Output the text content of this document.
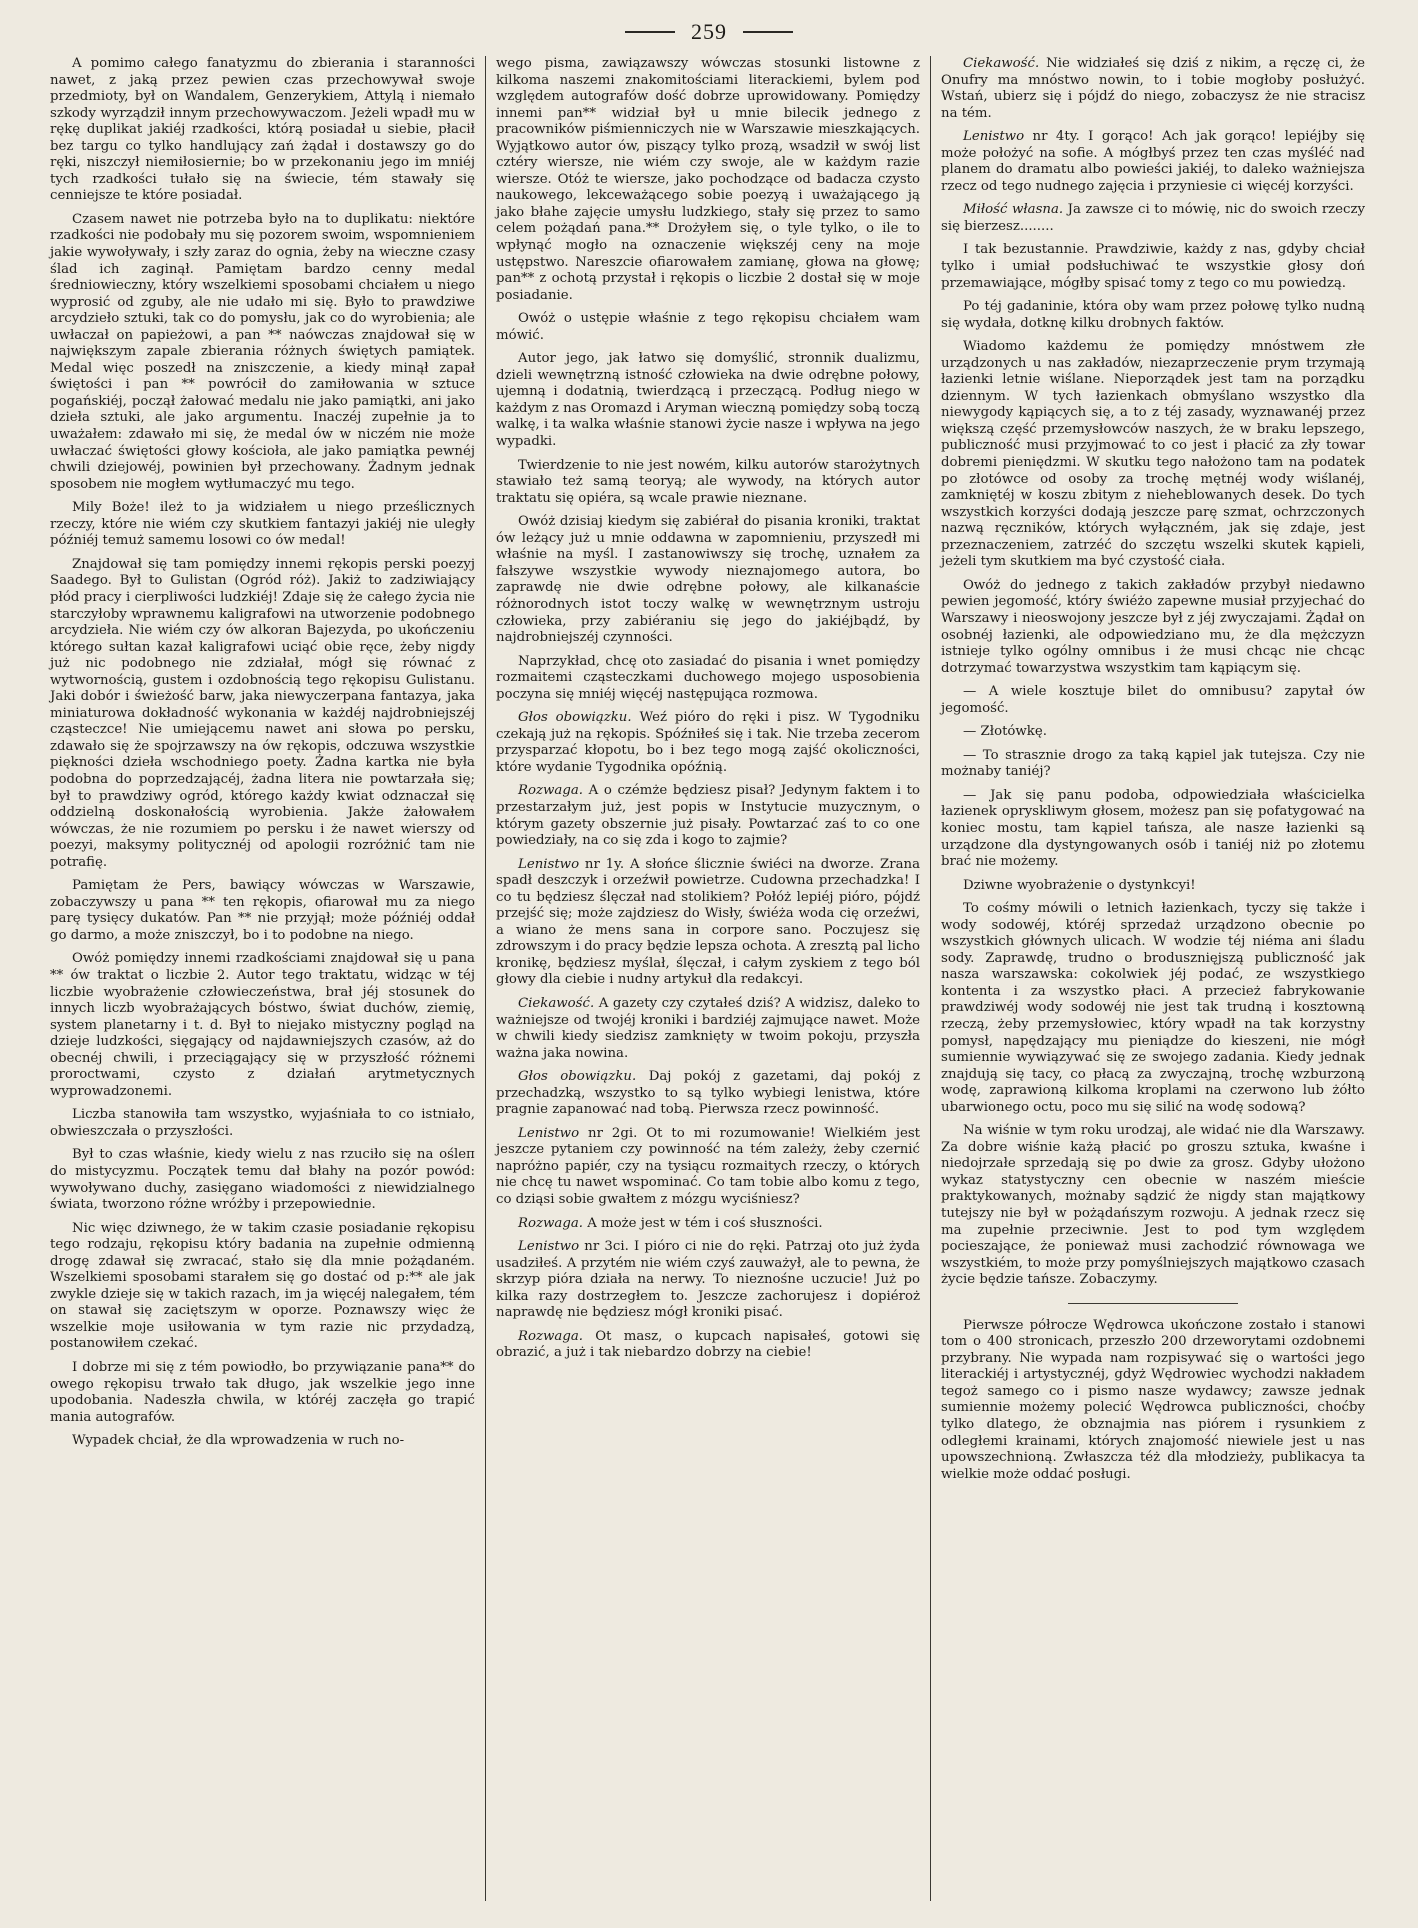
259

A pomimo całego fanatyzmu do zbierania i staranności nawet, z jaką przez pewien czas przechowywał swoje przedmioty, był on Wandalem, Genzerykiem, Attylą i niemało szkody wyrządził innym przechowywaczom. Jeżeli wpadł mu w rękę duplikat jakiéj rzadkości, którą posiadał u siebie, płacił bez targu co tylko handlujący zań żądał i dostawszy go do ręki, niszczył niemiłosiernie; bo w przekonaniu jego im mniéj tych rzadkości tułało się na świecie, tém stawały się cenniejsze te które posiadał.

Czasem nawet nie potrzeba było na to duplikatu: niektóre rzadkości nie podobały mu się pozorem swoim, wspomnieniem jakie wywoływały, i szły zaraz do ognia, żeby na wieczne czasy ślad ich zaginął. Pamiętam bardzo cenny medal średniowieczny, który wszelkiemi sposobami chciałem u niego wyprosić od zguby, ale nie udało mi się. Było to prawdziwe arcydzieło sztuki, tak co do pomysłu, jak co do wyrobienia; ale uwłaczał on papieżowi, a pan ** naówczas znajdował się w największym zapale zbierania różnych świętych pamiątek. Medal więc poszedł na zniszczenie, a kiedy minął zapał świętości i pan ** powrócił do zamiłowania w sztuce pogańskiéj, począł żałować medalu nie jako pamiątki, ani jako dzieła sztuki, ale jako argumentu. Inaczéj zupełnie ja to uważałem: zdawało mi się, że medal ów w niczém nie może uwłaczać świętości głowy kościoła, ale jako pamiątka pewnéj chwili dziejowéj, powinien był przechowany. Żadnym jednak sposobem nie mogłem wytłumaczyć mu tego.

Mily Boże! ileż to ja widziałem u niego prześlicznych rzeczy, które nie wiém czy skutkiem fantazyi jakiéj nie uległy późniéj temuż samemu losowi co ów medal!

Znajdował się tam pomiędzy innemi rękopis perski poezyj Saadego. Był to Gulistan (Ogród róż). Jakiż to zadziwiający płód pracy i cierpliwości ludzkiéj! Zdaje się że całego życia nie starczyłoby wprawnemu kaligrafowi na utworzenie podobnego arcydzieła. Nie wiém czy ów alkoran Bajezyda, po ukończeniu którego sułtan kazał kaligrafowi uciąć obie ręce, żeby nigdy już nic podobnego nie zdziałał, mógł się równać z wytwornością, gustem i ozdobnością tego rękopisu Gulistanu. Jaki dobór i świeżość barw, jaka niewyczerpana fantazya, jaka miniaturowa dokładność wykonania w każdéj najdrobniejszéj cząsteczce! Nie umiejącemu nawet ani słowa po persku, zdawało się że spojrzawszy na ów rękopis, odczuwa wszystkie piękności dzieła wschodniego poety. Żadna kartka nie była podobna do poprzedzającéj, żadna litera nie powtarzała się; był to prawdziwy ogród, którego każdy kwiat odznaczał się oddzielną doskonałością wyrobienia. Jakże żałowałem wówczas, że nie rozumiem po persku i że nawet wierszy od poezyi, maksymy politycznéj od apologii rozróżnić tam nie potrafię.

Pamiętam że Pers, bawiący wówczas w Warszawie, zobaczywszy u pana ** ten rękopis, ofiarował mu za niego parę tysięcy dukatów. Pan ** nie przyjął; może późniéj oddał go darmo, a może zniszczył, bo i to podobne na niego.

Owóż pomiędzy innemi rzadkościami znajdował się u pana ** ów traktat o liczbie 2. Autor tego traktatu, widząc w téj liczbie wyobrażenie człowieczeństwa, brał jéj stosunek do innych liczb wyobrażających bóstwo, świat duchów, ziemię, system planetarny i t. d. Był to niejako mistyczny pogląd na dzieje ludzkości, sięgający od najdawniejszych czasów, aż do obecnéj chwili, i przeciągający się w przyszłość różnemi proroctwami, czysto z działań arytmetycznych wyprowadzonemi.

Liczba stanowiła tam wszystko, wyjaśniała to co istniało, obwieszczała o przyszłości.

Był to czas właśnie, kiedy wielu z nas rzuciło się na ośleп do mistycyzmu. Początek temu dał błahy na pozór powód: wywoływano duchy, zasięgano wiadomości z niewidzialnego świata, tworzono różne wróżby i przepowiednie.

Nic więc dziwnego, że w takim czasie posiadanie rękopisu tego rodzaju, rękopisu który badania na zupełnie odmienną drogę zdawał się zwracać, stało się dla mnie pożądaném. Wszelkiemi sposobami starałem się go dostać od p:** ale jak zwykle dzieje się w takich razach, im ja więcéj nalegałem, tém on stawał się zaciętszym w oporze. Poznawszy więc że wszelkie moje usiłowania w tym razie nic przydadzą, postanowiłem czekać.

I dobrze mi się z tém powiodło, bo przywiązanie pana** do owego rękopisu trwało tak długo, jak wszelkie jego inne upodobania. Nadeszła chwila, w któréj zaczęła go trapić mania autografów.

Wypadek chciał, że dla wprowadzenia w ruch no-

wego pisma, zawiązawszy wówczas stosunki listowne z kilkoma naszemi znakomitościami literackiemi, bylem pod względem autografów dość dobrze uprowidowany. Pomiędzy innemi pan** widział był u mnie bilecik jednego z pracowników piśmienniczych nie w Warszawie mieszkających. Wyjątkowo autor ów, piszący tylko prozą, wsadził w swój list cztéry wiersze, nie wiém czy swoje, ale w każdym razie wiersze. Otóż te wiersze, jako pochodzące od badacza czysto naukowego, lekceważącego sobie poezyą i uważającego ją jako błahe zajęcie umysłu ludzkiego, stały się przez to samo celem pożądań pana.** Drożyłem się, o tyle tylko, o ile to wpłynąć mogło na oznaczenie większéj ceny na moje ustępstwo. Nareszcie ofiarowałem zamianę, głowa na głowę; pan** z ochotą przystał i rękopis o liczbie 2 dostał się w moje posiadanie.

Owóż o ustępie właśnie z tego rękopisu chciałem wam mówić.

Autor jego, jak łatwo się domyślić, stronnik dualizmu, dzieli wewnętrzną istność człowieka na dwie odrębne połowy, ujemną i dodatnią, twierdzącą i przeczącą. Podług niego w każdym z nas Oromazd i Aryman wieczną pomiędzy sobą toczą walkę, i ta walka właśnie stanowi życie nasze i wpływa na jego wypadki.

Twierdzenie to nie jest nowém, kilku autorów starożytnych stawiało też samą teoryą; ale wywody, na których autor traktatu się opiéra, są wcale prawie nieznane.

Owóż dzisiaj kiedym się zabiérał do pisania kroniki, traktat ów leżący już u mnie oddawna w zapomnieniu, przyszedł mi właśnie na myśl. I zastanowiwszy się trochę, uznałem za fałszywe wszystkie wywody nieznajomego autora, bo zaprawdę nie dwie odrębne połowy, ale kilkanaście różnorodnych istot toczy walkę w wewnętrznym ustroju człowieka, przy zabiéraniu się jego do jakiéjbądź, by najdrobniejszéj czynności.

Naprzykład, chcę oto zasiadać do pisania i wnet pomiędzy rozmaitemi cząsteczkami duchowego mojego usposobienia poczyna się mniéj więcéj następująca rozmowa.

Głos obowiązku. Weź pióro do ręki i pisz. W Tygodniku czekają już na rękopis. Spóźniłeś się i tak. Nie trzeba zecerom przysparzać kłopotu, bo i bez tego mogą zajść okoliczności, które wydanie Tygodnika opóźnią.

Rozwaga. A o czémże będziesz pisał? Jedynym faktem i to przestarzałym już, jest popis w Instytucie muzycznym, o którym gazety obszernie już pisały. Powtarzać zaś to co one powiedziały, na co się zda i kogo to zajmie?

Lenistwo nr 1y. A słońce ślicznie świéci na dworze. Zrana spadł deszczyk i orzeźwił powietrze. Cudowna przechadzka! I co tu będziesz ślęczał nad stolikiem? Połóż lepiéj pióro, pójdź przejść się; może zajdziesz do Wisły, świéża woda cię orzeźwi, a wiano że mens sana in corpore sano. Poczujesz się zdrowszym i do pracy będzie lepsza ochota. A zresztą pal licho kronikę, będziesz myślał, ślęczał, i całym zyskiem z tego ból głowy dla ciebie i nudny artykuł dla redakcyi.

Ciekawość. A gazety czy czytałeś dziś? A widzisz, daleko to ważniejsze od twojéj kroniki i bardziéj zajmujące nawet. Może w chwili kiedy siedzisz zamknięty w twoim pokoju, przyszła ważna jaka nowina.

Głos obowiązku. Daj pokój z gazetami, daj pokój z przechadzką, wszystko to są tylko wybiegi lenistwa, które pragnie zapanować nad tobą. Pierwsza rzecz powinność.

Lenistwo nr 2gi. Ot to mi rozumowanie! Wielkiém jest jeszcze pytaniem czy powinność na tém zależy, żeby czernić napróżno papiér, czy na tysiącu rozmaitych rzeczy, o których nie chcę tu nawet wspominać. Co tam tobie albo komu z tego, co dziąsi sobie gwałtem z mózgu wyciśniesz?

Rozwaga. A może jest w tém i coś słuszności.

Lenistwo nr 3ci. I pióro ci nie do ręki. Patrzaj oto już żyda usadziłeś. A przytém nie wiém czyś zauważył, ale to pewna, że skrzyp pióra działa na nerwy. To nieznośne uczucie! Już po kilka razy dostrzegłem to. Jeszcze zachorujesz i dopiéroż naprawdę nie będziesz mógł kroniki pisać.

Rozwaga. Ot masz, o kupcach napisałeś, gotowi się obrazić, a już i tak niebardzo dobrzy na ciebie!

Ciekawość. Nie widziałeś się dziś z nikim, a ręczę ci, że Onufry ma mnóstwo nowin, to i tobie mogłoby posłużyć. Wstań, ubierz się i pójdź do niego, zobaczysz że nie stracisz na tém.

Lenistwo nr 4ty. I gorąco! Ach jak gorąco! lepiéjby się może położyć na sofie. A mógłbyś przez ten czas myśléć nad planem do dramatu albo powieści jakiéj, to daleko ważniejsza rzecz od tego nudnego zajęcia i przyniesie ci więcéj korzyści.

Miłość własna. Ja zawsze ci to mówię, nic do swoich rzeczy się bierzesz........

I tak bezustannie. Prawdziwie, każdy z nas, gdyby chciał tylko i umiał podsłuchiwać te wszystkie głosy doń przemawiające, mógłby spisać tomy z tego co mu powiedzą.

Po téj gadaninie, która oby wam przez połowę tylko nudną się wydała, dotknę kilku drobnych faktów.

Wiadomo każdemu że pomiędzy mnóstwem złe urządzonych u nas zakładów, niezaprzeczenie prym trzymają łazienki letnie wiślane. Nieporządek jest tam na porządku dziennym. W tych łazienkach obmyślano wszystko dla niewygody kąpiących się, a to z téj zasady, wyznawanéj przez większą część przemysłowców naszych, że w braku lepszego, publiczność musi przyjmować to co jest i płacić za zły towar dobremi pieniędzmi. W skutku tego nałożono tam na podatek po złotówce od osoby za trochę mętnéj wody wiślanéj, zamkniętéj w koszu zbitym z nieheblowanych desek. Do tych wszystkich korzyści dodają jeszcze parę szmat, ochrzczonych nazwą ręczników, których wyłączném, jak się zdaje, jest przeznaczeniem, zatrzéć do szczętu wszelki skutek kąpieli, jeżeli tym skutkiem ma być czystość ciała.

Owóż do jednego z takich zakładów przybył niedawno pewien jegomość, który świéżo zapewne musiał przyjechać do Warszawy i nieoswojony jeszcze był z jéj zwyczajami. Żądał on osobnéj łazienki, ale odpowiedziano mu, że dla mężczyzn istnieje tylko ogólny omnibus i że musi chcąc nie chcąc dotrzymać towarzystwa wszystkim tam kąpiącym się.

— A wiele kosztuje bilet do omnibusu? zapytał ów jegomość.

— Złotówkę.

— To strasznie drogo za taką kąpiel jak tutejsza. Czy nie możnaby taniéj?

— Jak się panu podoba, odpowiedziała właścicielka łazienek opryskliwym głosem, możesz pan się pofatygować na koniec mostu, tam kąpiel tańsza, ale nasze łazienki są urządzone dla dystyngowanych osób i taniéj niż po złotemu brać nie możemy.

Dziwne wyobrażenie o dystynkcyi!

To cośmy mówili o letnich łazienkach, tyczy się także i wody sodowéj, któréj sprzedaż urządzono obecnie po wszystkich głównych ulicach. W wodzie téj niéma ani śladu sody. Zaprawdę, trudno o brodusznięjszą publiczność jak nasza warszawska: cokolwiek jéj podać, ze wszystkiego kontenta i za wszystko płaci. A przecież fabrykowanie prawdziwéj wody sodowéj nie jest tak trudną i kosztowną rzeczą, żeby przemysłowiec, który wpadł na tak korzystny pomysł, napędzający mu pieniądze do kieszeni, nie mógł sumiennie wywiązywać się ze swojego zadania. Kiedy jednak znajdują się tacy, co płacą za zwyczajną, trochę wzburzoną wodę, zaprawioną kilkoma kroplami na czerwono lub żółto ubarwionego octu, poco mu się silić na wodę sodową?

Na wiśnie w tym roku urodzaj, ale widać nie dla Warszawy. Za dobre wiśnie każą płacić po groszu sztuka, kwaśne i niedojrzałe sprzedają się po dwie za grosz. Gdyby ułożono wykaz statystyczny cen obecnie w naszém mieście praktykowanych, możnaby sądzić że nigdy stan majątkowy tutejszy nie był w pożądańszym rozwoju. A jednak rzecz się ma zupełnie przeciwnie. Jest to pod tym względem pocieszające, że ponieważ musi zachodzić równowaga we wszystkiém, to może przy pomyślniejszych majątkowo czasach życie będzie tańsze. Zobaczymy.

Pierwsze półrocze Wędrowca ukończone zostało i stanowi tom o 400 stronicach, przeszło 200 drzeworytami ozdobnemi przybrany. Nie wypada nam rozpisywać się o wartości jego literackiéj i artystycznéj, gdyż Wędrowiec wychodzi nakładem tegoż samego co i pismo nasze wydawcy; zawsze jednak sumiennie możemy polecić Wędrowca publiczności, choćby tylko dlatego, że obznajmia nas piórem i rysunkiem z odległemi krainami, których znajomość niewiele jest u nas upowszechnioną. Zwłaszcza téż dla młodzieży, publikacya ta wielkie może oddać posługi.
